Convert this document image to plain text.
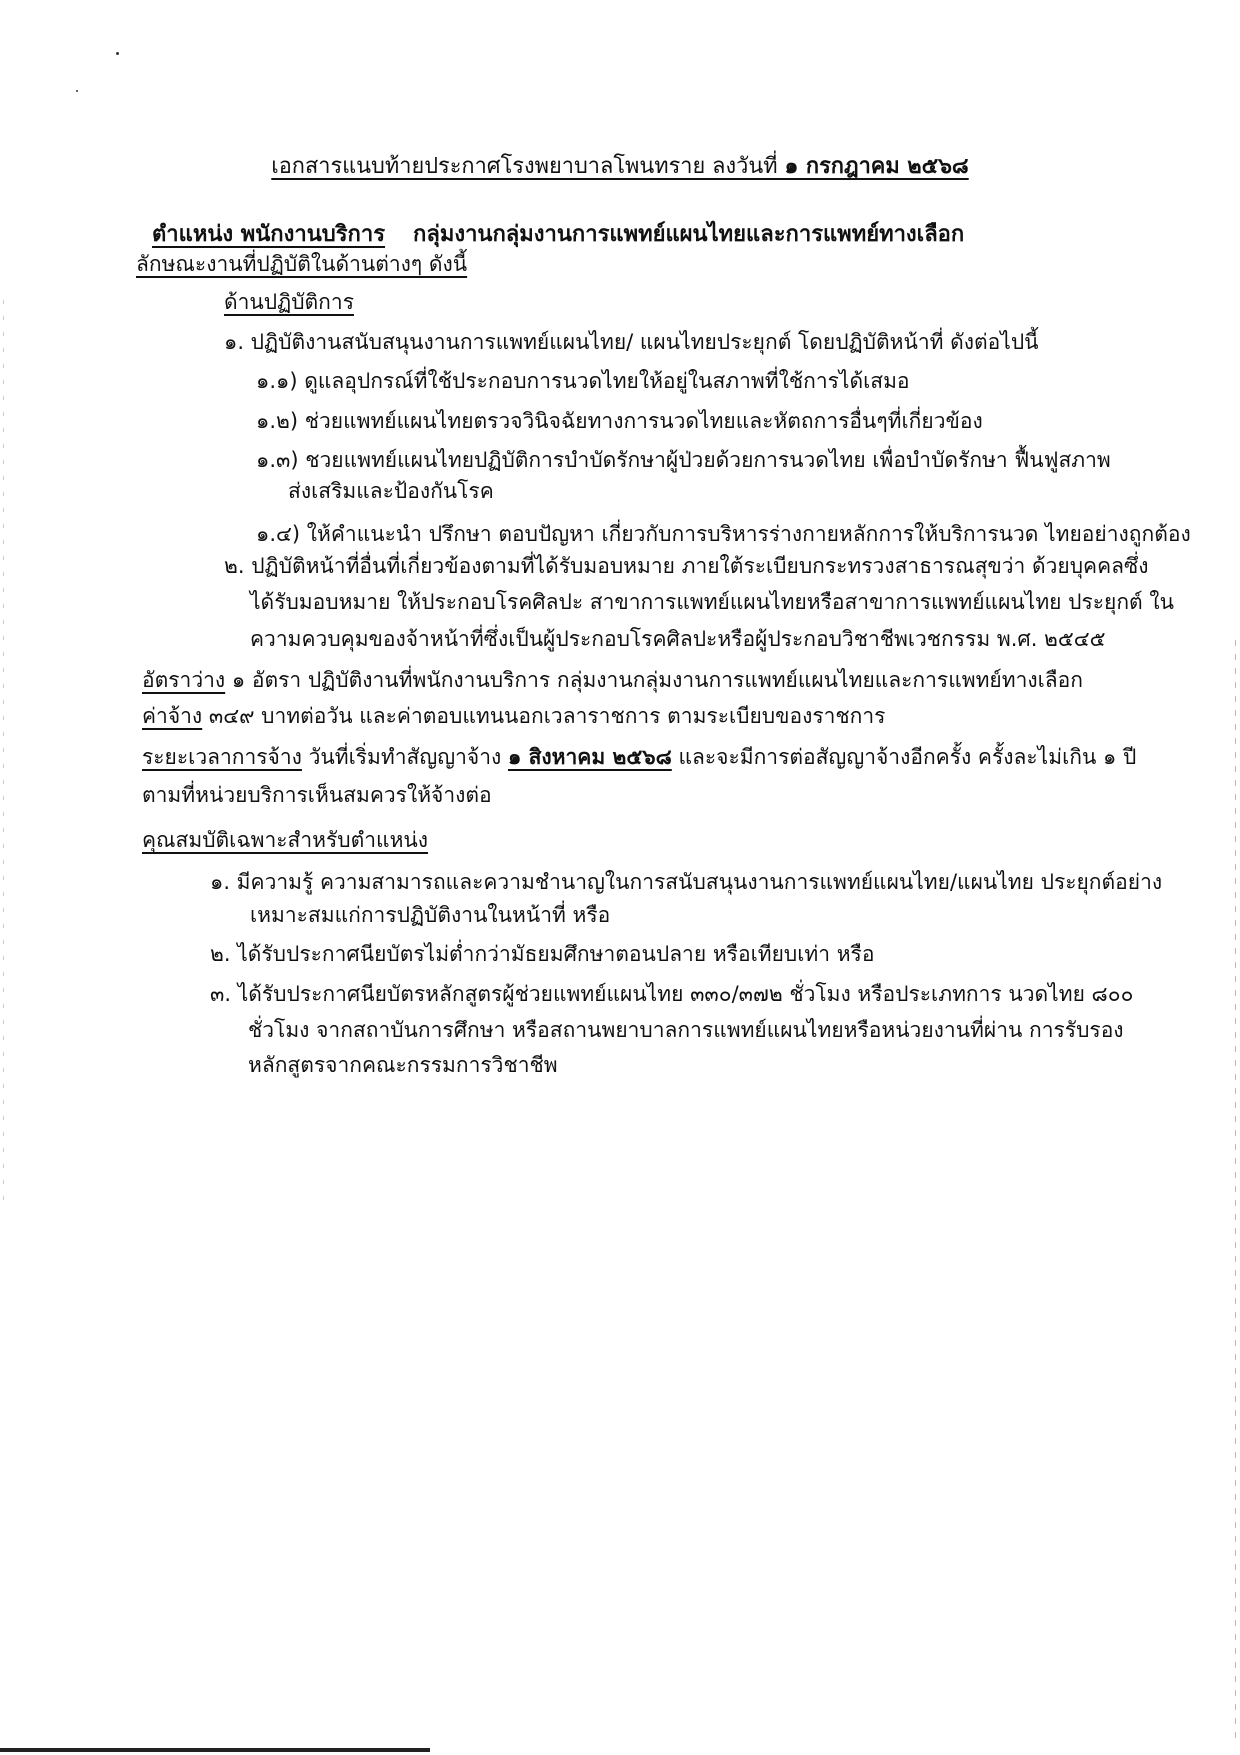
เอกสารแนบท้ายประกาศโรงพยาบาลโพนทราย ลงวันที่ ๑ กรกฎาคม ๒๕๖๘
ตำแหน่ง พนักงานบริการ กลุ่มงานกลุ่มงานการแพทย์แผนไทยและการแพทย์ทางเลือก
ลักษณะงานที่ปฏิบัติในด้านต่างๆ ดังนี้
ด้านปฏิบัติการ
๑. ปฏิบัติงานสนับสนุนงานการแพทย์แผนไทย/ แผนไทยประยุกต์ โดยปฏิบัติหน้าที่ ดังต่อไปนี้
๑.๑) ดูแลอุปกรณ์ที่ใช้ประกอบการนวดไทยให้อยู่ในสภาพที่ใช้การได้เสมอ
๑.๒) ช่วยแพทย์แผนไทยตรวจวินิจฉัยทางการนวดไทยและหัตถการอื่นๆที่เกี่ยวข้อง
๑.๓) ชวยแพทย์แผนไทยปฏิบัติการบำบัดรักษาผู้ป่วยด้วยการนวดไทย เพื่อบำบัดรักษา ฟื้นฟูสภาพ
ส่งเสริมและป้องกันโรค
๑.๔) ให้คำแนะนำ ปรึกษา ตอบปัญหา เกี่ยวกับการบริหารร่างกายหลักการให้บริการนวด ไทยอย่างถูกต้อง
๒. ปฏิบัติหน้าที่อื่นที่เกี่ยวข้องตามที่ได้รับมอบหมาย ภายใต้ระเบียบกระทรวงสาธารณสุขว่า ด้วยบุคคลซึ่ง
ได้รับมอบหมาย ให้ประกอบโรคศิลปะ สาขาการแพทย์แผนไทยหรือสาขาการแพทย์แผนไทย ประยุกต์ ใน
ความควบคุมของจ้าหน้าที่ซึ่งเป็นผู้ประกอบโรคศิลปะหรือผู้ประกอบวิชาชีพเวชกรรม พ.ศ. ๒๕๔๕
อัตราว่าง ๑ อัตรา ปฏิบัติงานที่พนักงานบริการ กลุ่มงานกลุ่มงานการแพทย์แผนไทยและการแพทย์ทางเลือก
ค่าจ้าง ๓๔๙ บาทต่อวัน และค่าตอบแทนนอกเวลาราชการ ตามระเบียบของราชการ
ระยะเวลาการจ้าง วันที่เริ่มทำสัญญาจ้าง ๑ สิงหาคม ๒๕๖๘ และจะมีการต่อสัญญาจ้างอีกครั้ง ครั้งละไม่เกิน ๑ ปี
ตามที่หน่วยบริการเห็นสมควรให้จ้างต่อ
คุณสมบัติเฉพาะสำหรับตำแหน่ง
๑. มีความรู้ ความสามารถและความชำนาญในการสนับสนุนงานการแพทย์แผนไทย/แผนไทย ประยุกต์อย่าง
เหมาะสมแก่การปฏิบัติงานในหน้าที่ หรือ
๒. ได้รับประกาศนียบัตรไม่ต่ำกว่ามัธยมศึกษาตอนปลาย หรือเทียบเท่า หรือ
๓. ได้รับประกาศนียบัตรหลักสูตรผู้ช่วยแพทย์แผนไทย ๓๓๐/๓๗๒ ชั่วโมง หรือประเภทการ นวดไทย ๘๐๐
ชั่วโมง จากสถาบันการศึกษา หรือสถานพยาบาลการแพทย์แผนไทยหรือหน่วยงานที่ผ่าน การรับรอง
หลักสูตรจากคณะกรรมการวิชาชีพ
